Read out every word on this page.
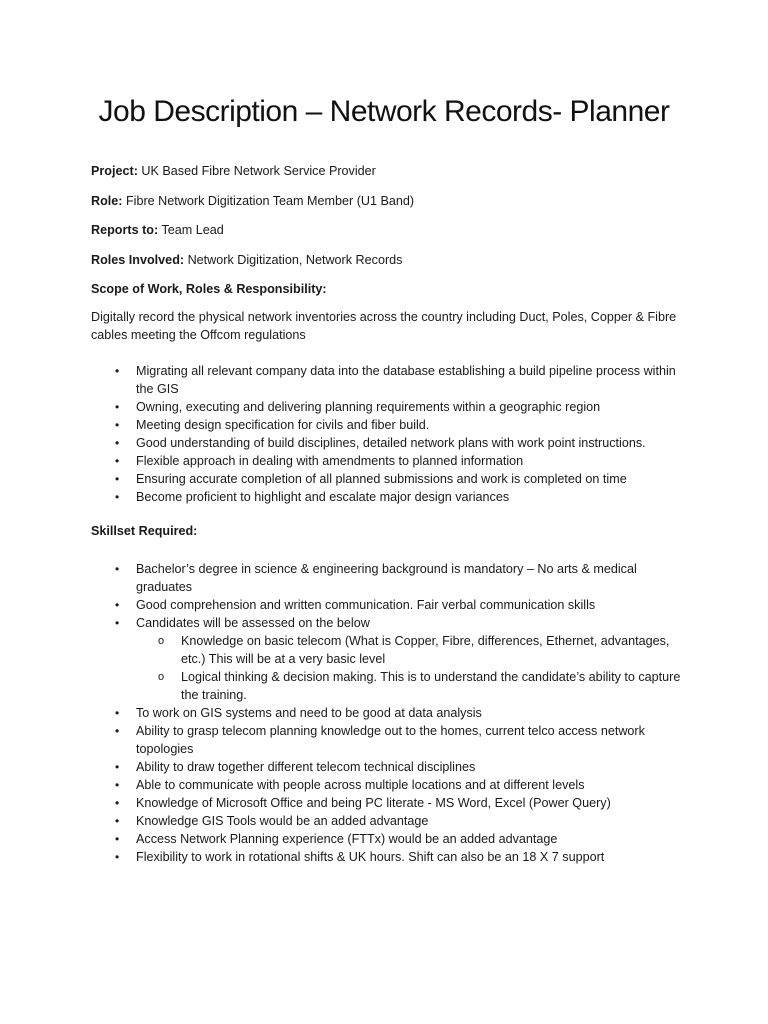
Job Description – Network Records- Planner
Project: UK Based Fibre Network Service Provider
Role: Fibre Network Digitization Team Member (U1 Band)
Reports to: Team Lead
Roles Involved: Network Digitization, Network Records
Scope of Work, Roles & Responsibility:
Digitally record the physical network inventories across the country including Duct, Poles, Copper & Fibre cables meeting the Offcom regulations
• Migrating all relevant company data into the database establishing a build pipeline process within the GIS
• Owning, executing and delivering planning requirements within a geographic region
• Meeting design specification for civils and fiber build.
• Good understanding of build disciplines, detailed network plans with work point instructions.
• Flexible approach in dealing with amendments to planned information
• Ensuring accurate completion of all planned submissions and work is completed on time
• Become proficient to highlight and escalate major design variances
Skillset Required:
• Bachelor’s degree in science & engineering background is mandatory – No arts & medical graduates
• Good comprehension and written communication. Fair verbal communication skills
• Candidates will be assessed on the below
o Knowledge on basic telecom (What is Copper, Fibre, differences, Ethernet, advantages, etc.) This will be at a very basic level
o Logical thinking & decision making. This is to understand the candidate’s ability to capture the training.
• To work on GIS systems and need to be good at data analysis
• Ability to grasp telecom planning knowledge out to the homes, current telco access network topologies
• Ability to draw together different telecom technical disciplines
• Able to communicate with people across multiple locations and at different levels
• Knowledge of Microsoft Office and being PC literate - MS Word, Excel (Power Query)
• Knowledge GIS Tools would be an added advantage
• Access Network Planning experience (FTTx) would be an added advantage
• Flexibility to work in rotational shifts & UK hours. Shift can also be an 18 X 7 support
